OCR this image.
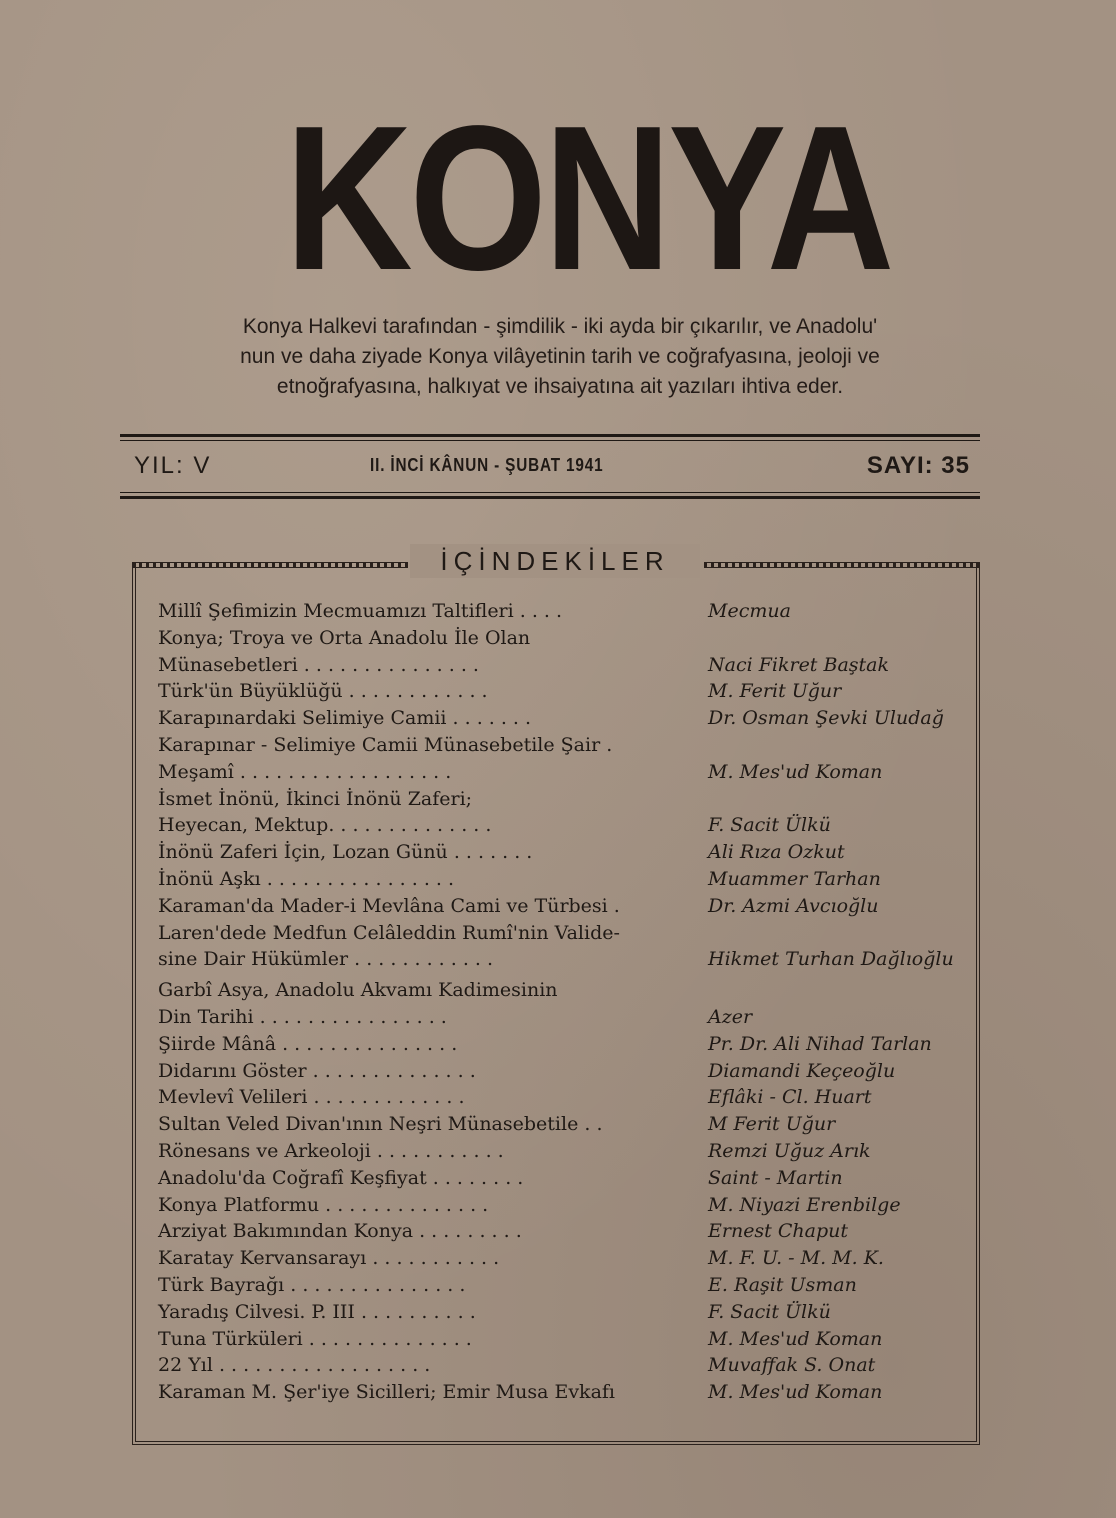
KONYA
Konya Halkevi tarafından - şimdilik - iki ayda bir çıkarılır, ve Anadolu'
nun ve daha ziyade Konya vilâyetinin tarih ve coğrafyasına, jeoloji ve
etnoğrafyasına, halkıyat ve ihsaiyatına ait yazıları ihtiva eder.
YIL: V	II. İNCİ KÂNUN - ŞUBAT 1941	SAYI: 35
İÇİNDEKİLER
Millî Şefimizin Mecmuamızı Taltifleri . . . .	Mecmua
Konya; Troya ve Orta Anadolu İle Olan
Münasebetleri . . . . . . . . . . . . . . .	Naci Fikret Baştak
Türk'ün Büyüklüğü . . . . . . . . . . . .	M. Ferit Uğur
Karapınardaki Selimiye Camii . . . . . . .	Dr. Osman Şevki Uludağ
Karapınar - Selimiye Camii Münasebetile Şair .
Meşamî . . . . . . . . . . . . . . . . . .	M. Mes'ud Koman
İsmet İnönü, İkinci İnönü Zaferi;
Heyecan, Mektup. . . . . . . . . . . . . .	F. Sacit Ülkü
İnönü Zaferi İçin, Lozan Günü . . . . . . .	Ali Rıza Ozkut
İnönü Aşkı . . . . . . . . . . . . . . . .	Muammer Tarhan
Karaman'da Mader-i Mevlâna Cami ve Türbesi .	Dr. Azmi Avcıoğlu
Laren'dede Medfun Celâleddin Rumî'nin Valide-
sine Dair Hükümler . . . . . . . . . . . .	Hikmet Turhan Dağlıoğlu
Garbî Asya, Anadolu Akvamı Kadimesinin
Din Tarihi . . . . . . . . . . . . . . . .	Azer
Şiirde Mânâ . . . . . . . . . . . . . . .	Pr. Dr. Ali Nihad Tarlan
Didarını Göster . . . . . . . . . . . . . .	Diamandi Keçeoğlu
Mevlevî Velileri . . . . . . . . . . . . .	Eflâki - Cl. Huart
Sultan Veled Divan'ının Neşri Münasebetile . .	M Ferit Uğur
Rönesans ve Arkeoloji . . . . . . . . . . .	Remzi Uğuz Arık
Anadolu'da Coğrafî Keşfiyat . . . . . . . .	Saint - Martin
Konya Platformu . . . . . . . . . . . . . .	M. Niyazi Erenbilge
Arziyat Bakımından Konya . . . . . . . . .	Ernest Chaput
Karatay Kervansarayı . . . . . . . . . . .	M. F. U. - M. M. K.
Türk Bayrağı . . . . . . . . . . . . . . .	E. Raşit Usman
Yaradış Cilvesi. P. III . . . . . . . . . .	F. Sacit Ülkü
Tuna Türküleri . . . . . . . . . . . . . .	M. Mes'ud Koman
22 Yıl . . . . . . . . . . . . . . . . . .	Muvaffak S. Onat
Karaman M. Şer'iye Sicilleri; Emir Musa Evkafı	M. Mes'ud Koman
